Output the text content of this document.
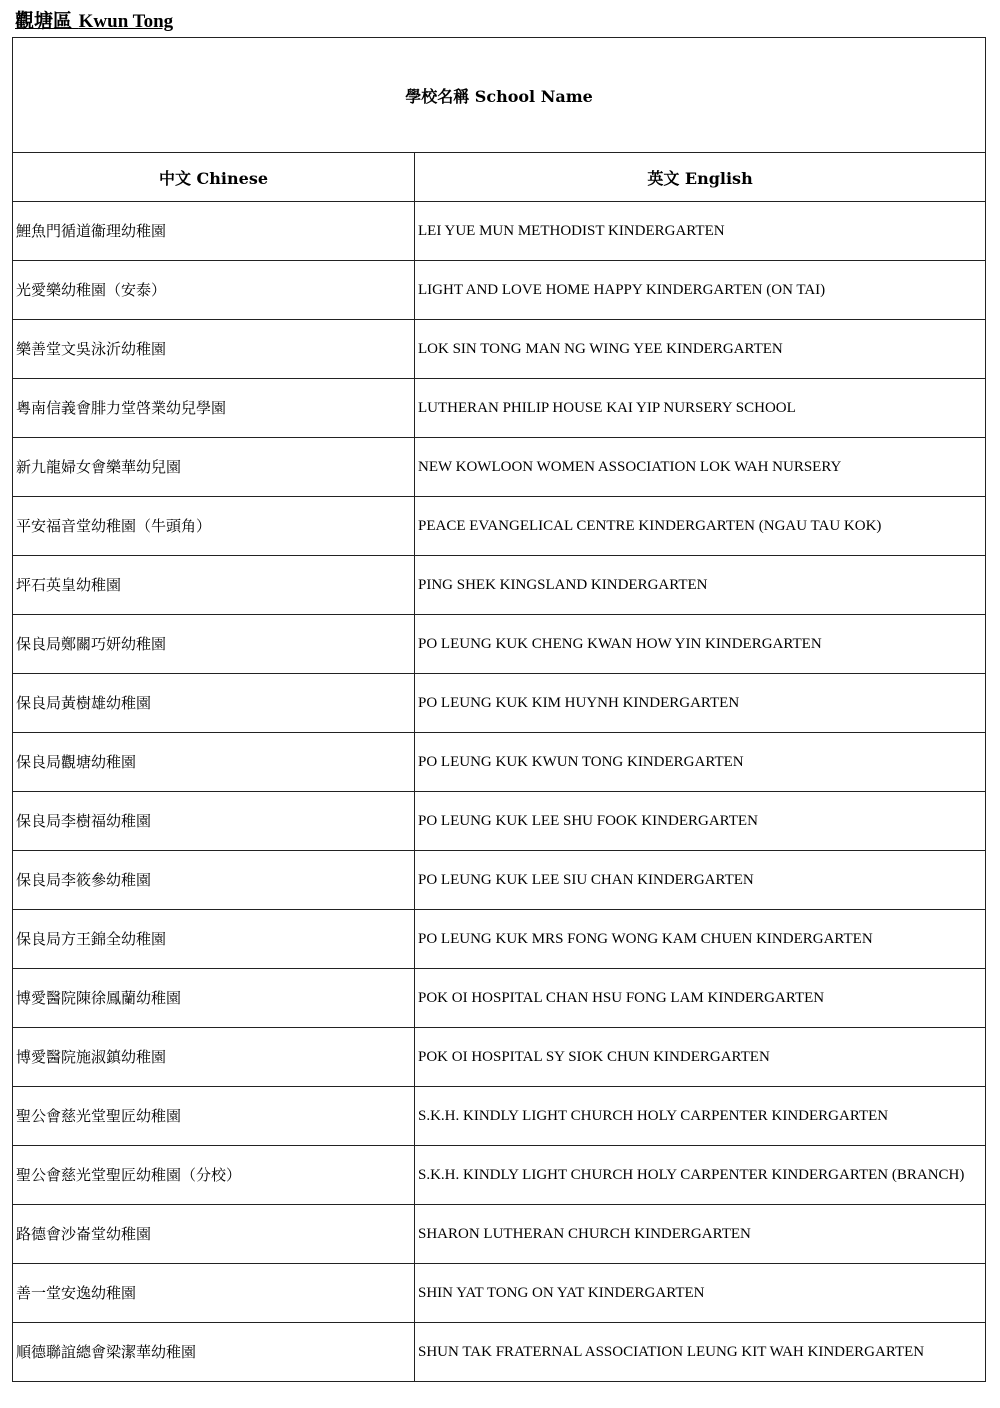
觀塘區 Kwun Tong
學校名稱 School Name	
中文 Chinese	英文 English
鯉魚門循道衞理幼稚園	LEI YUE MUN METHODIST KINDERGARTEN
光愛樂幼稚園（安泰）	LIGHT AND LOVE HOME HAPPY KINDERGARTEN (ON TAI)
樂善堂文吳泳沂幼稚園	LOK SIN TONG MAN NG WING YEE KINDERGARTEN
粵南信義會腓力堂啓業幼兒學園	LUTHERAN PHILIP HOUSE KAI YIP NURSERY SCHOOL
新九龍婦女會樂華幼兒園	NEW KOWLOON WOMEN ASSOCIATION LOK WAH NURSERY
平安福音堂幼稚園（牛頭角）	PEACE EVANGELICAL CENTRE KINDERGARTEN (NGAU TAU KOK)
坪石英皇幼稚園	PING SHEK KINGSLAND KINDERGARTEN
保良局鄭關巧妍幼稚園	PO LEUNG KUK CHENG KWAN HOW YIN KINDERGARTEN
保良局黃樹雄幼稚園	PO LEUNG KUK KIM HUYNH KINDERGARTEN
保良局觀塘幼稚園	PO LEUNG KUK KWUN TONG KINDERGARTEN
保良局李樹福幼稚園	PO LEUNG KUK LEE SHU FOOK KINDERGARTEN
保良局李筱參幼稚園	PO LEUNG KUK LEE SIU CHAN KINDERGARTEN
保良局方王錦全幼稚園	PO LEUNG KUK MRS FONG WONG KAM CHUEN KINDERGARTEN
博愛醫院陳徐鳳蘭幼稚園	POK OI HOSPITAL CHAN HSU FONG LAM KINDERGARTEN
博愛醫院施淑鎮幼稚園	POK OI HOSPITAL SY SIOK CHUN KINDERGARTEN
聖公會慈光堂聖匠幼稚園	S.K.H. KINDLY LIGHT CHURCH HOLY CARPENTER KINDERGARTEN
聖公會慈光堂聖匠幼稚園（分校）	S.K.H. KINDLY LIGHT CHURCH HOLY CARPENTER KINDERGARTEN (BRANCH)
路德會沙崙堂幼稚園	SHARON LUTHERAN CHURCH KINDERGARTEN
善一堂安逸幼稚園	SHIN YAT TONG ON YAT KINDERGARTEN
順德聯誼總會梁潔華幼稚園	SHUN TAK FRATERNAL ASSOCIATION LEUNG KIT WAH KINDERGARTEN
